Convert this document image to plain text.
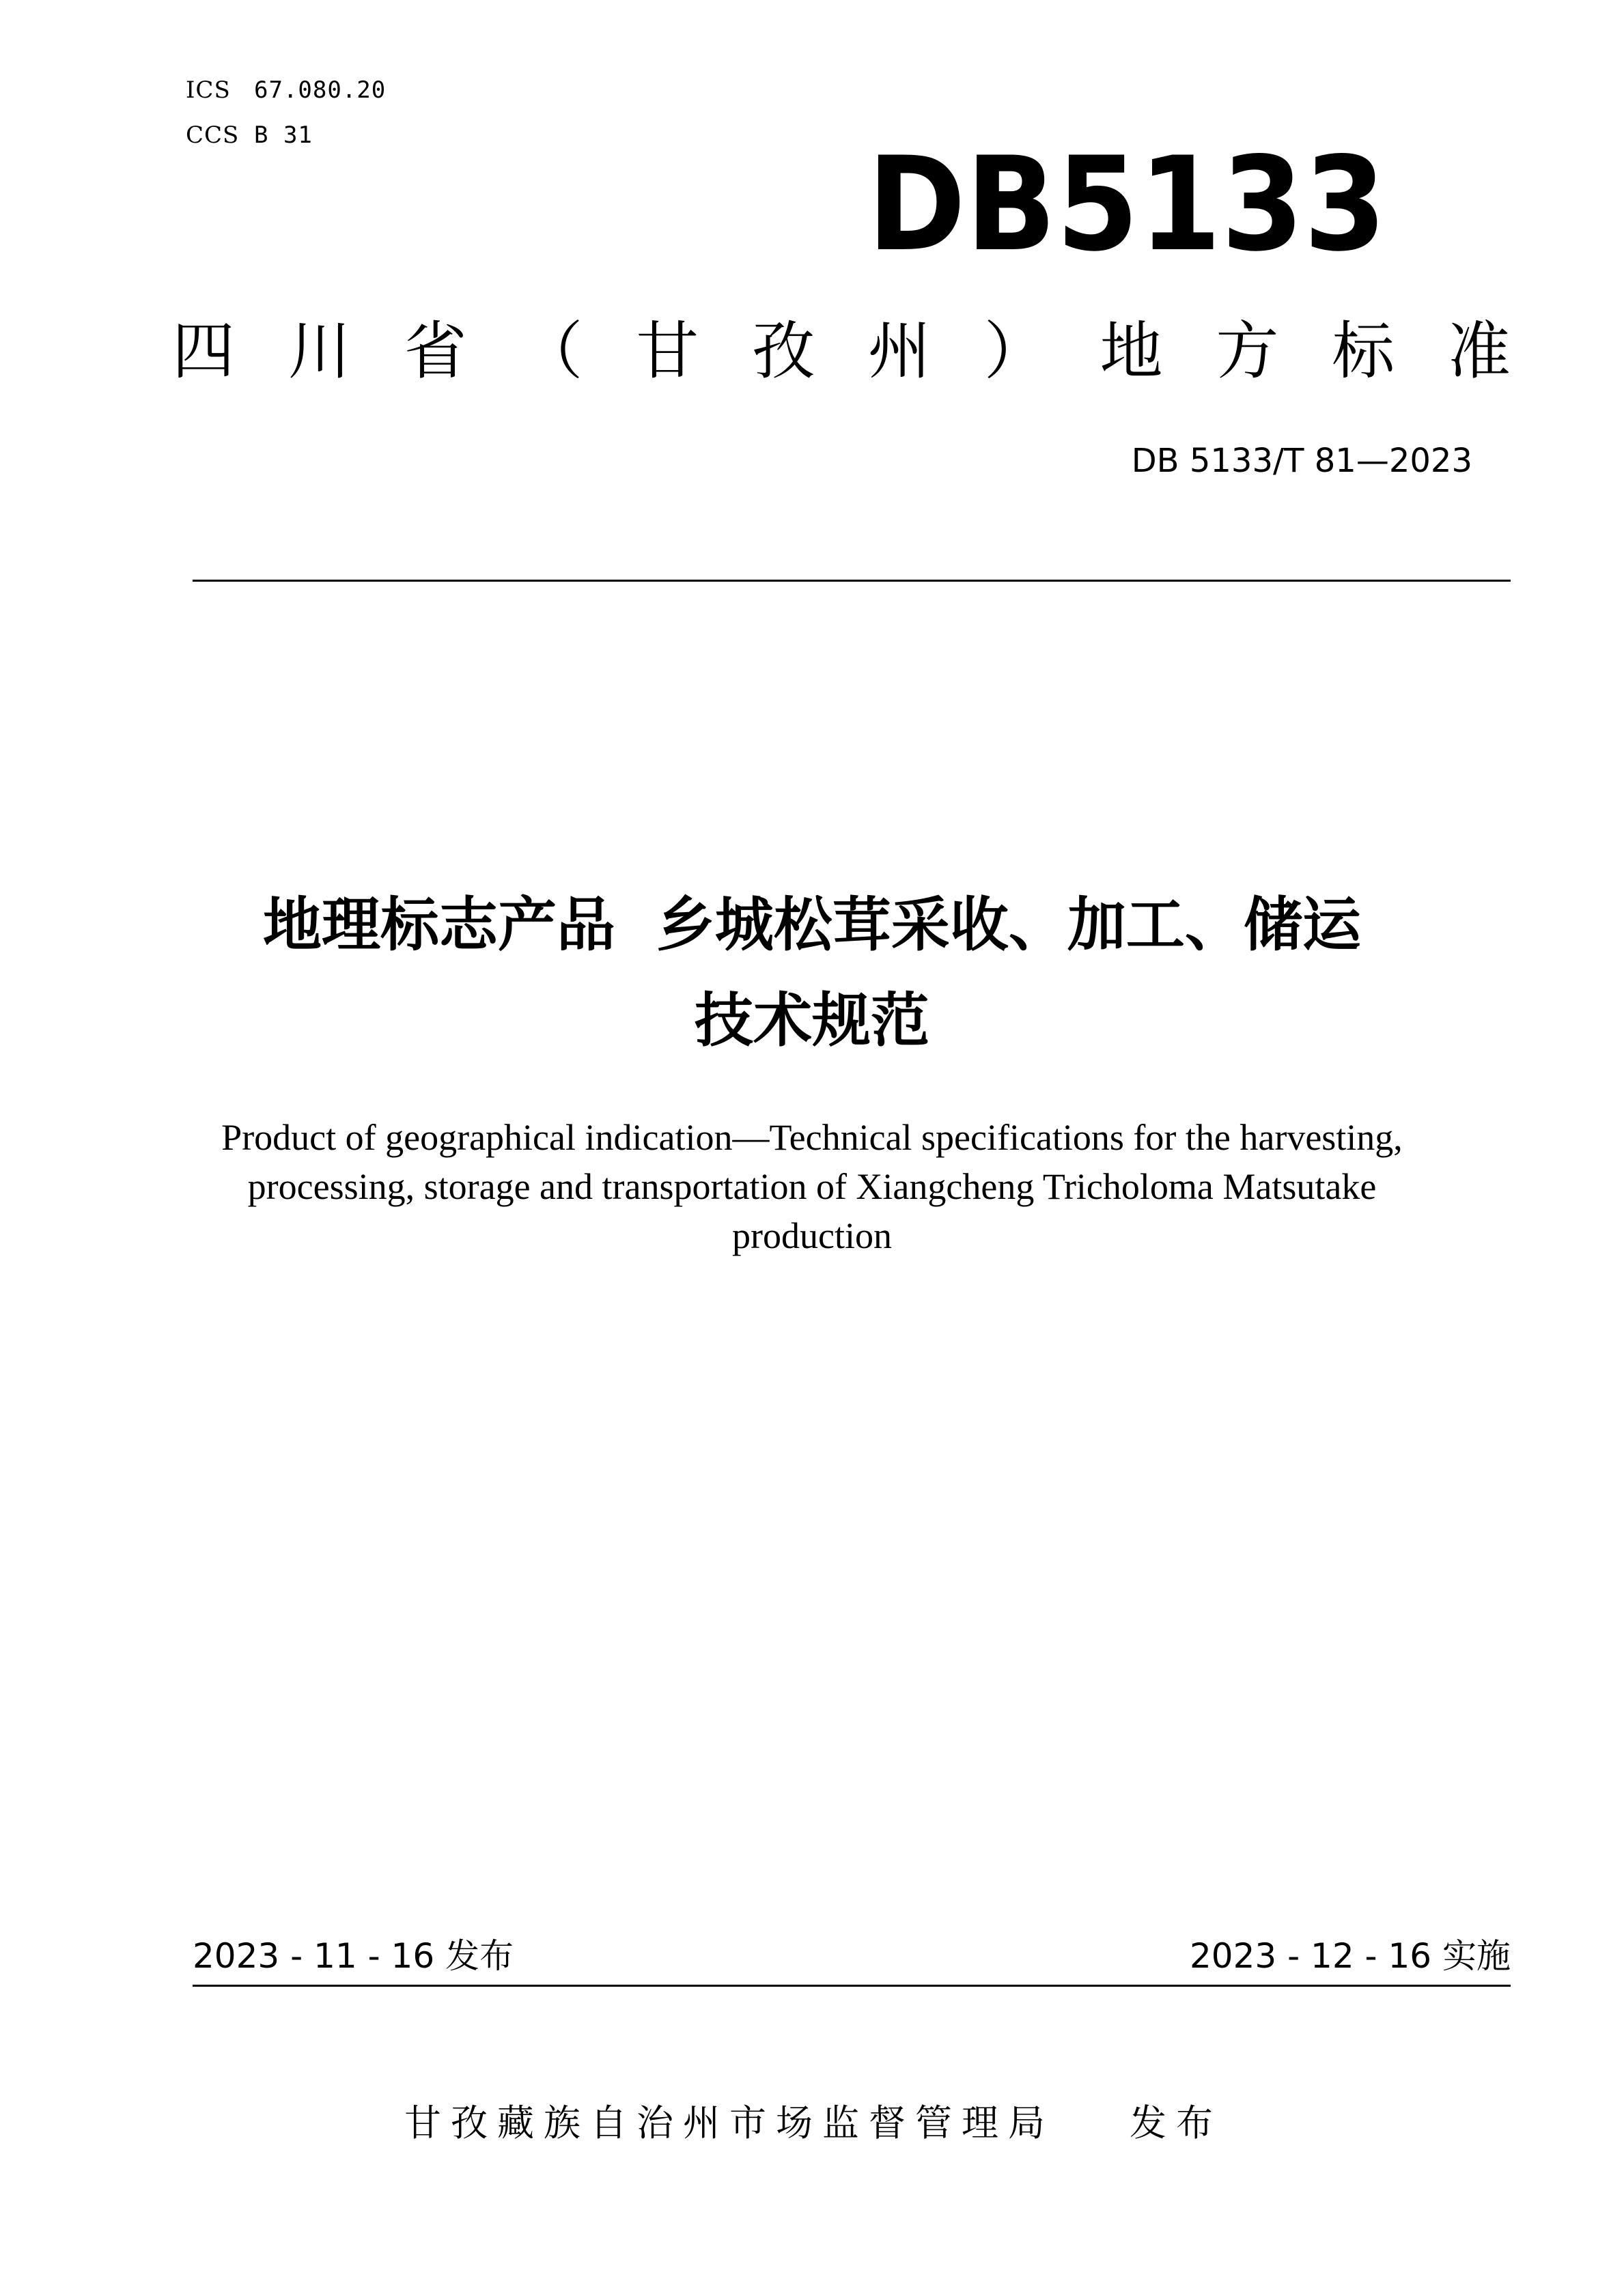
ICS 67.080.20
CCS B 31	DB5133
四 川 省 （ 甘 孜 州 ） 地 方 标 准
DB 5133/T 81—2023
地理标志产品  乡城松茸采收、加工、储运
技术规范
Product of geographical indication—Technical specifications for the harvesting,
processing, storage and transportation of Xiangcheng Tricholoma Matsutake
production
2023 - 11 - 16 发布	2023 - 12 - 16 实施
甘孜藏族自治州市场监督管理局 发布
